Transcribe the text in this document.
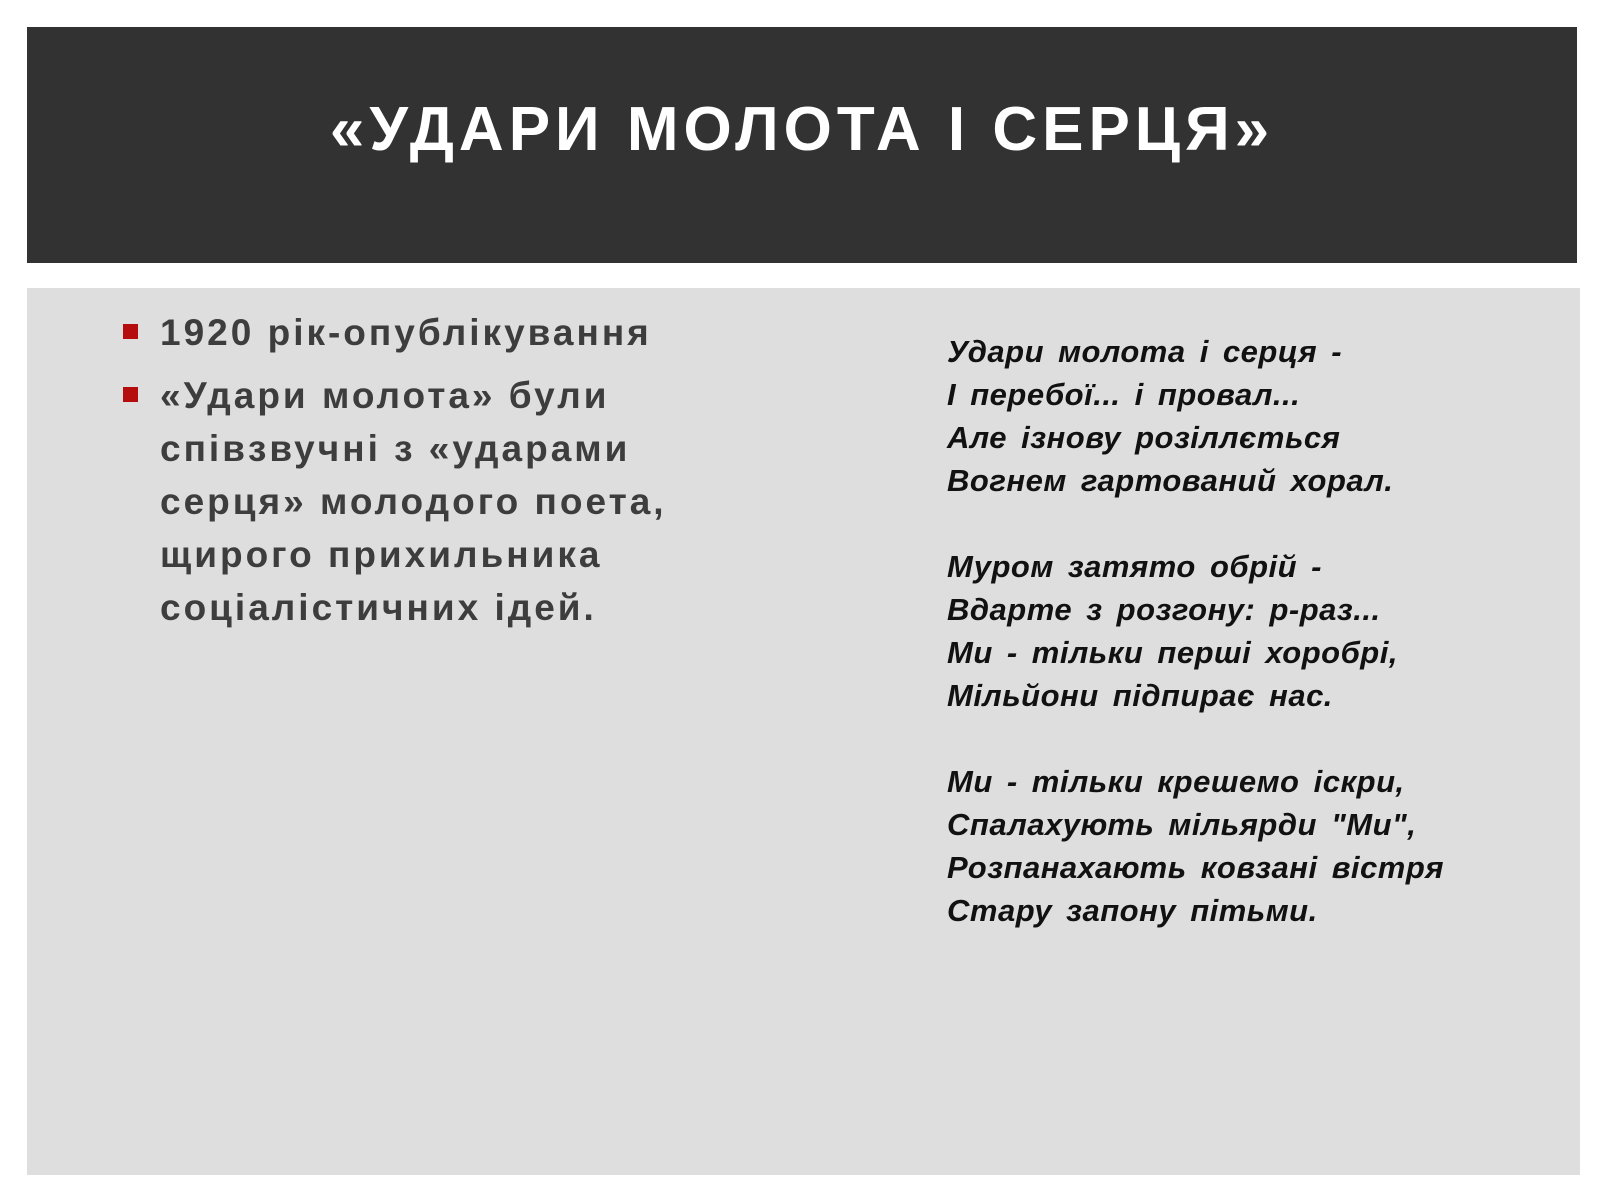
«УДАРИ МОЛОТА І СЕРЦЯ»
1920 рік-опублікування
«Удари молота» були співзвучні з «ударами серця» молодого поета, щирого прихильника соціалістичних ідей.
Удари молота і серця -
І перебої... і провал...
Але ізнову розіллється
Вогнем гартований хорал.
Муром затято обрій -
Вдарте з розгону: р-раз...
Ми - тільки перші хоробрі,
Мільйони підпирає нас.
Ми - тільки крешемо іскри,
Спалахують мільярди "Ми",
Розпанахають ковзані вістря
Стару запону пітьми.
